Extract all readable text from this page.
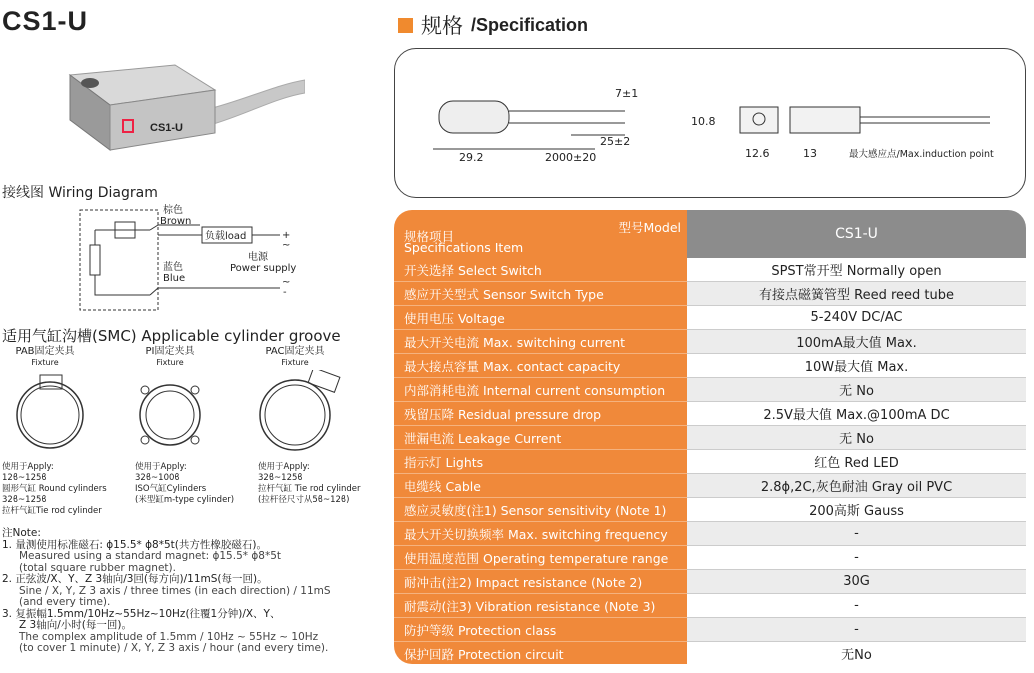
CS1-U
CS1-U
接线图 Wiring Diagram
棕色
Brown
负载load
蓝色
Blue
电源
Power supply
+
~
~
-
适用气缸沟槽(SMC) Applicable cylinder groove
PAB固定夹具
Fixture
PI固定夹具
Fixture
PAC固定夹具
Fixture
使用于Apply:
12ϐ~125ϐ
圆形气缸 Round cylinders
32ϐ~125ϐ
拉杆气缸Tie rod cylinder
使用于Apply:
32ϐ~100ϐ
ISO气缸Cylinders
(米型缸m-type cylinder)
使用于Apply:
32ϐ~125ϐ
拉杆气缸 Tie rod cylinder
(拉杆径尺寸从5ϐ~12ϐ)
注Note:
1. 量测使用标准磁石: ϕ15.5* ϕ8*5t(共方性橡胶磁石)。
Measured using a standard magnet: ϕ15.5* ϕ8*5t
(total square rubber magnet).
2. 正弦波/X、Y、Z 3轴向/3回(每方向)/11mS(每一回)。
Sine / X, Y, Z 3 axis / three times (in each direction) / 11mS
(and every time).
3. 复振幅1.5mm/10Hz~55Hz~10Hz(往覆1分钟)/X、Y、
Z 3轴向/小时(每一回)。
The complex amplitude of 1.5mm / 10Hz ~ 55Hz ~ 10Hz
(to cover 1 minute) / X, Y, Z 3 axis / hour (and every time).
规格 /Specification
29.2	2000±20
25±2
7±1
10.8
12.6	13	最大感应点/Max.induction point
型号Model
规格项目
Specifications Item
CS1-U
开关选择 Select Switch	SPST常开型 Normally open
感应开关型式 Sensor Switch Type	有接点磁簧管型 Reed reed tube
使用电压 Voltage	5-240V DC/AC
最大开关电流 Max. switching current	100mA最大值 Max.
最大接点容量 Max. contact capacity	10W最大值 Max.
内部消耗电流 Internal current consumption	无 No
残留压降 Residual pressure drop	2.5V最大值 Max.@100mA DC
泄漏电流 Leakage Current	无 No
指示灯 Lights	红色 Red LED
电缆线 Cable	2.8ϕ,2C,灰色耐油 Gray oil PVC
感应灵敏度(注1) Sensor sensitivity (Note 1)	200高斯 Gauss
最大开关切换频率 Max. switching frequency	-
使用温度范围 Operating temperature range	-
耐冲击(注2) Impact resistance (Note 2)	30G
耐震动(注3) Vibration resistance (Note 3)	-
防护等级 Protection class	-
保护回路 Protection circuit	无No
